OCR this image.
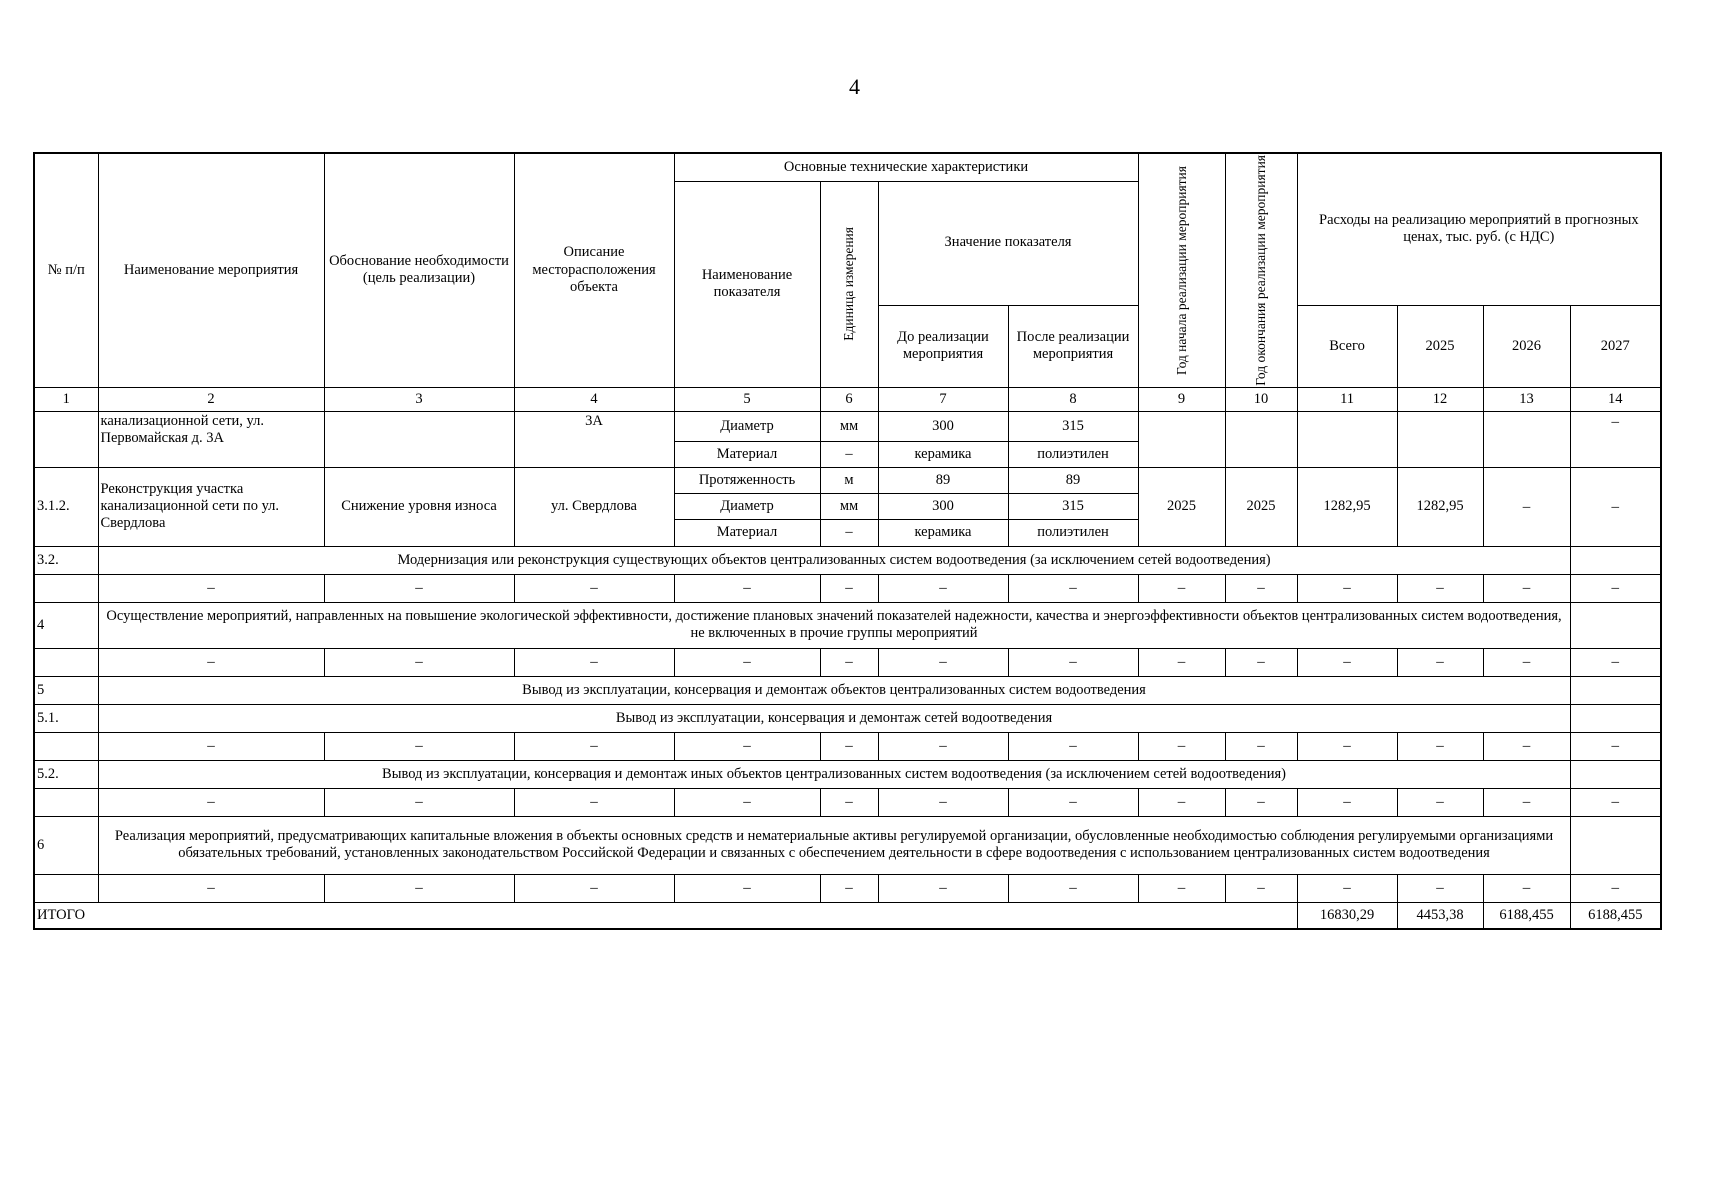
4
№ п/п	Наименование мероприятия	Обоснование необходимости (цель реализации)	Описание месторасположения объекта	Основные технические характеристики				Год начала реализации мероприятия	Год окончания реализации мероприятия	Расходы на реализацию мероприятий в прогнозных ценах, тыс. руб. (с НДС)			
				Наименование показателя	Единица измерения	Значение показателя							
						До реализации мероприятия	После реализации мероприятия			Всего	2025	2026	2027
1	2	3	4	5	6	7	8	9	10	11	12	13	14
	канализационной сети, ул. Первомайская д. 3А		3А	Диаметр	мм	300	315						–
				Материал	–	керамика	полиэтилен						
3.1.2.	Реконструкция участка канализационной сети по ул. Свердлова	Снижение уровня износа	ул. Свердлова	Протяженность	м	89	89	2025	2025	1282,95	1282,95	–	–
				Диаметр	мм	300	315						
				Материал	–	керамика	полиэтилен						
3.2.	Модернизация или реконструкция существующих объектов централизованных систем водоотведения (за исключением сетей водоотведения)												
	–	–	–	–	–	–	–	–	–	–	–	–	–
4	Осуществление мероприятий, направленных на повышение экологической эффективности, достижение плановых значений показателей надежности, качества и энергоэффективности объектов централизованных систем водоотведения, не включенных в прочие группы мероприятий												
	–	–	–	–	–	–	–	–	–	–	–	–	–
5	Вывод из эксплуатации, консервация и демонтаж объектов централизованных систем водоотведения												
5.1.	Вывод из эксплуатации, консервация и демонтаж сетей водоотведения												
	–	–	–	–	–	–	–	–	–	–	–	–	–
5.2.	Вывод из эксплуатации, консервация и демонтаж иных объектов централизованных систем водоотведения (за исключением сетей водоотведения)												
	–	–	–	–	–	–	–	–	–	–	–	–	–
6	Реализация мероприятий, предусматривающих капитальные вложения в объекты основных средств и нематериальные активы регулируемой организации, обусловленные необходимостью соблюдения регулируемыми организациями обязательных требований, установленных законодательством Российской Федерации и связанных с обеспечением деятельности в сфере водоотведения с использованием централизованных систем водоотведения												
	–	–	–	–	–	–	–	–	–	–	–	–	–
ИТОГО										16830,29	4453,38	6188,455	6188,455
